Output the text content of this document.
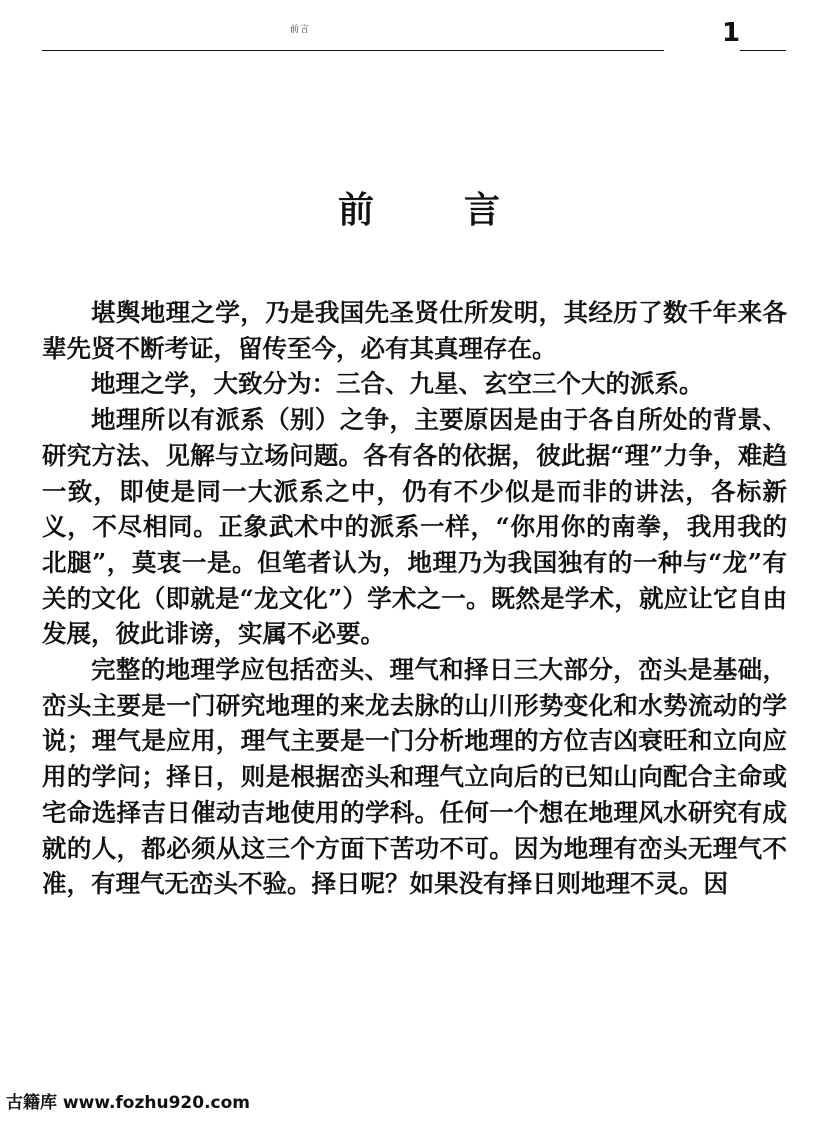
前言	1
前	言

堪舆地理之学，乃是我国先圣贤仕所发明，其经历了数千年来各辈先贤不断考证，留传至今，必有其真理存在。

地理之学，大致分为：三合、九星、玄空三个大的派系。

地理所以有派系（别）之争，主要原因是由于各自所处的背景、研究方法、见解与立场问题。各有各的依据，彼此据“理”力争，难趋一致，即使是同一大派系之中，仍有不少似是而非的讲法，各标新义，不尽相同。正象武术中的派系一样，“你用你的南拳，我用我的北腿”，莫衷一是。但笔者认为，地理乃为我国独有的一种与“龙”有关的文化（即就是“龙文化”）学术之一。既然是学术，就应让它自由发展，彼此诽谤，实属不必要。

完整的地理学应包括峦头、理气和择日三大部分，峦头是基础，峦头主要是一门研究地理的来龙去脉的山川形势变化和水势流动的学说；理气是应用，理气主要是一门分析地理的方位吉凶衰旺和立向应用的学问；择日，则是根据峦头和理气立向后的已知山向配合主命或宅命选择吉日催动吉地使用的学科。任何一个想在地理风水研究有成就的人，都必须从这三个方面下苦功不可。因为地理有峦头无理气不准，有理气无峦头不验。择日呢？如果没有择日则地理不灵。因

古籍库 www.fozhu920.com
